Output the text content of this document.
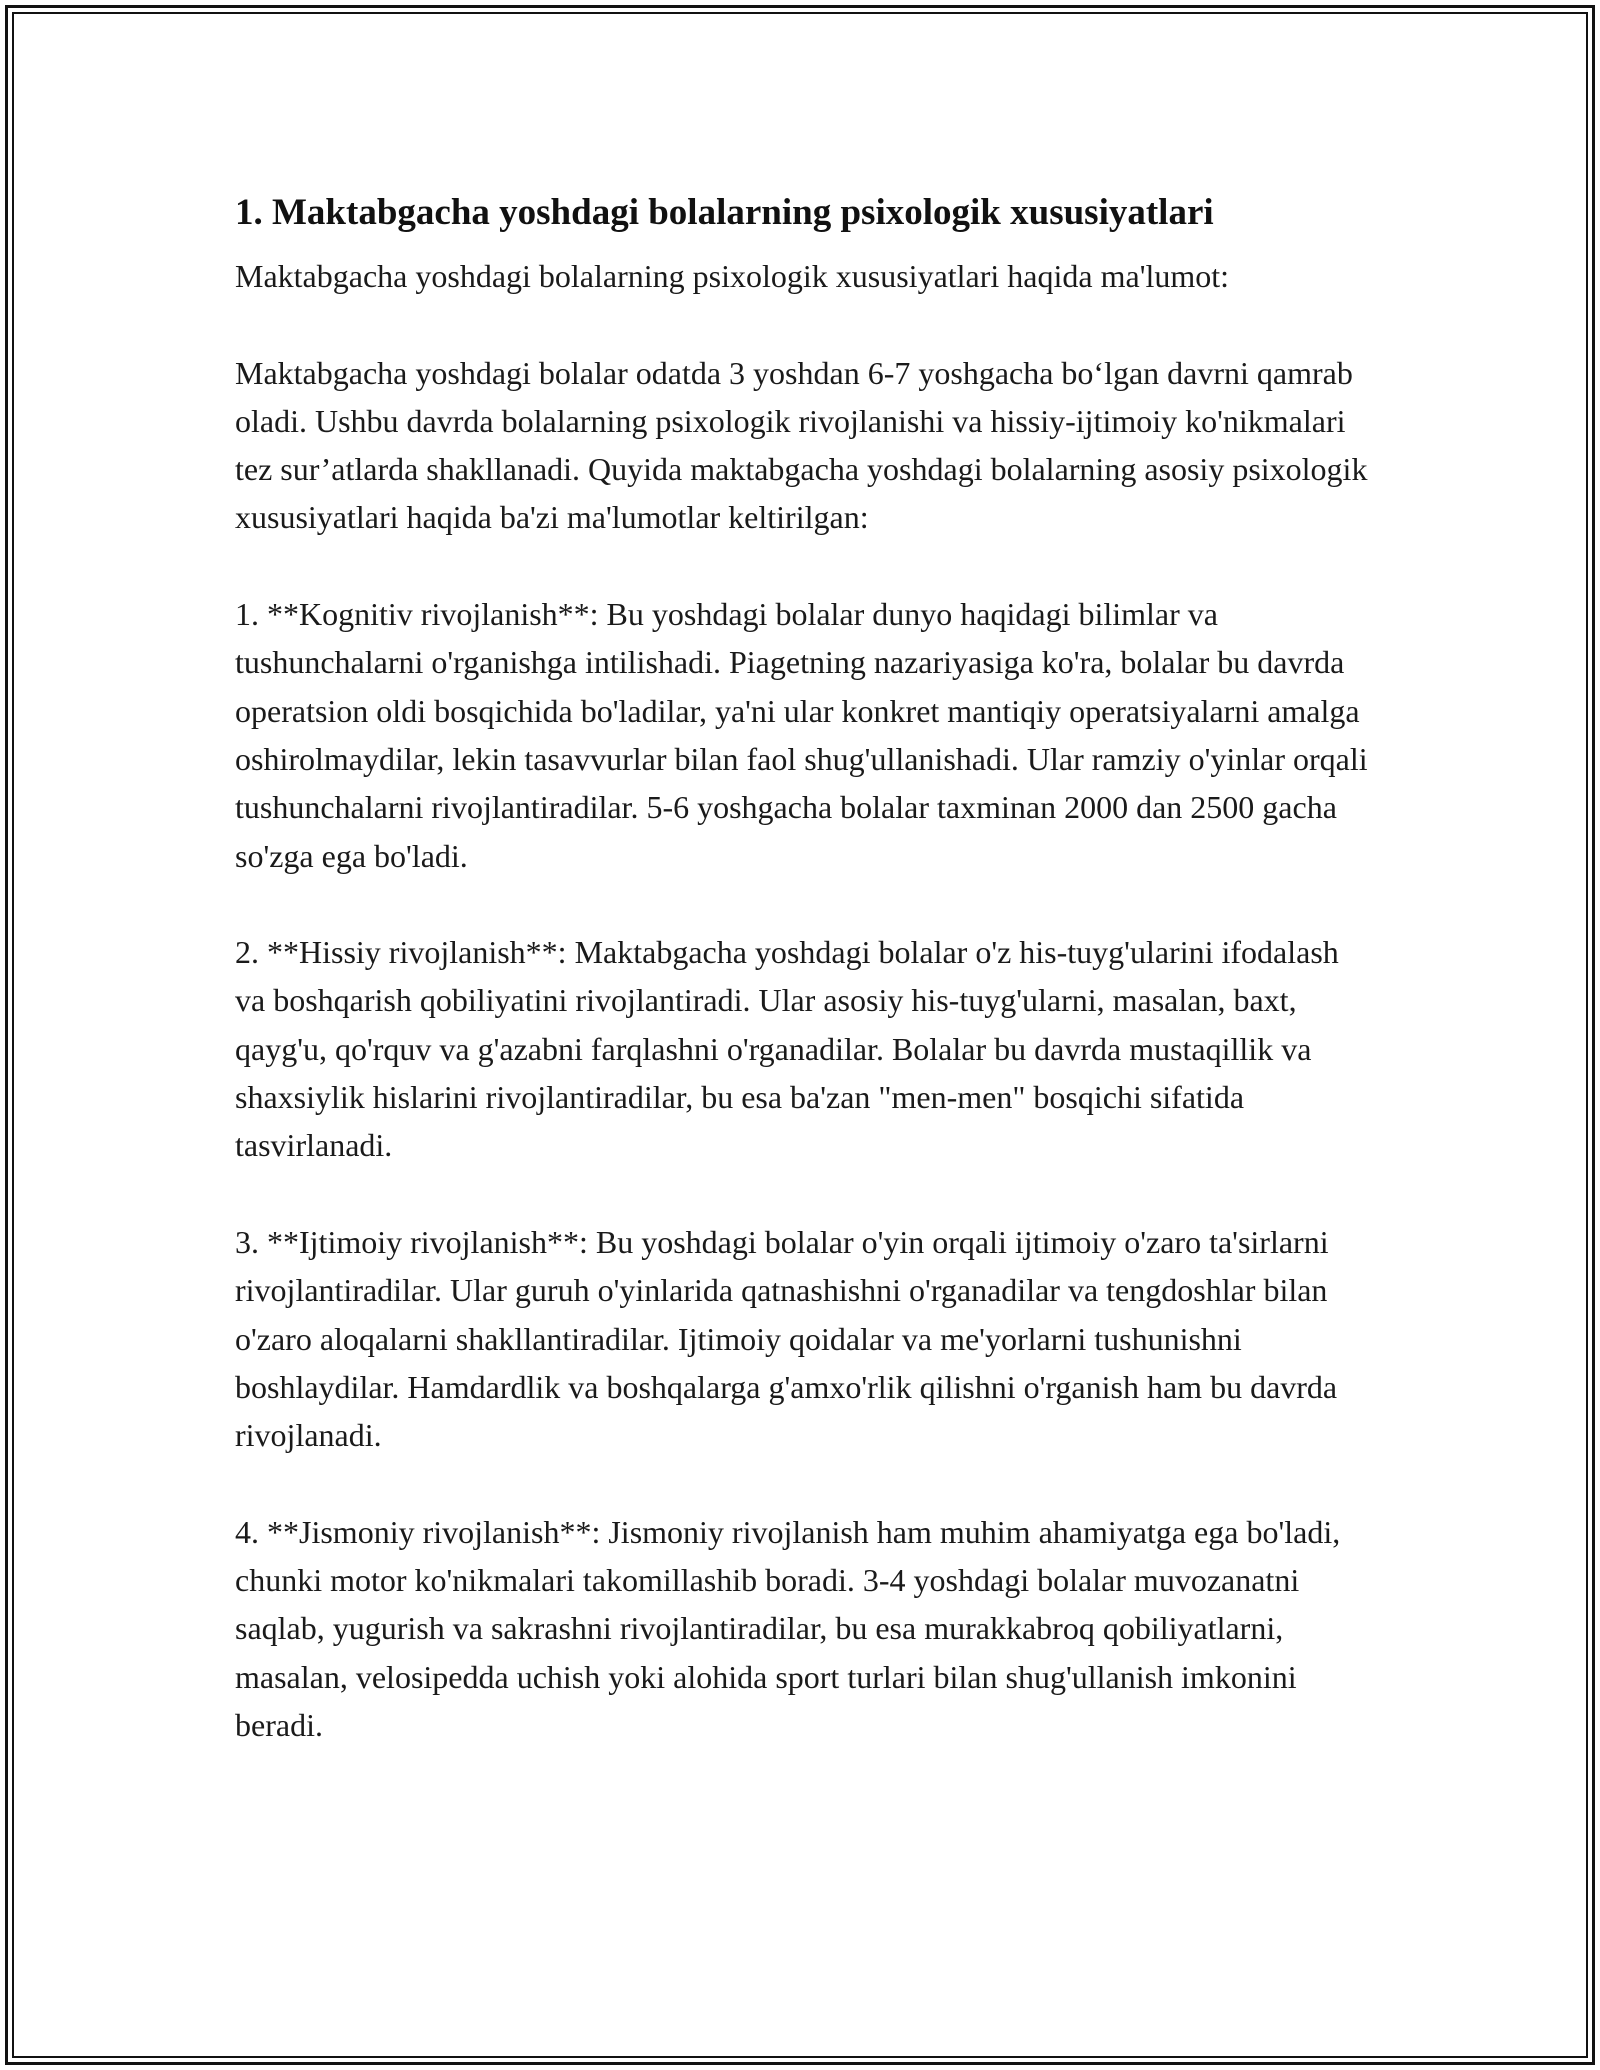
1. Maktabgacha yoshdagi bolalarning psixologik xususiyatlari

Maktabgacha yoshdagi bolalarning psixologik xususiyatlari haqida ma'lumot:

Maktabgacha yoshdagi bolalar odatda 3 yoshdan 6-7 yoshgacha bo‘lgan davrni qamrab oladi. Ushbu davrda bolalarning psixologik rivojlanishi va hissiy-ijtimoiy ko'nikmalari tez sur’atlarda shakllanadi. Quyida maktabgacha yoshdagi bolalarning asosiy psixologik xususiyatlari haqida ba'zi ma'lumotlar keltirilgan:

1. **Kognitiv rivojlanish**: Bu yoshdagi bolalar dunyo haqidagi bilimlar va tushunchalarni o'rganishga intilishadi. Piagetning nazariyasiga ko'ra, bolalar bu davrda operatsion oldi bosqichida bo'ladilar, ya'ni ular konkret mantiqiy operatsiyalarni amalga oshirolmaydilar, lekin tasavvurlar bilan faol shug'ullanishadi. Ular ramziy o'yinlar orqali tushunchalarni rivojlantiradilar. 5-6 yoshgacha bolalar taxminan 2000 dan 2500 gacha so'zga ega bo'ladi.

2. **Hissiy rivojlanish**: Maktabgacha yoshdagi bolalar o'z his-tuyg'ularini ifodalash va boshqarish qobiliyatini rivojlantiradi. Ular asosiy his-tuyg'ularni, masalan, baxt, qayg'u, qo'rquv va g'azabni farqlashni o'rganadilar. Bolalar bu davrda mustaqillik va shaxsiylik hislarini rivojlantiradilar, bu esa ba'zan "men-men" bosqichi sifatida tasvirlanadi.

3. **Ijtimoiy rivojlanish**: Bu yoshdagi bolalar o'yin orqali ijtimoiy o'zaro ta'sirlarni rivojlantiradilar. Ular guruh o'yinlarida qatnashishni o'rganadilar va tengdoshlar bilan o'zaro aloqalarni shakllantiradilar. Ijtimoiy qoidalar va me'yorlarni tushunishni boshlaydilar. Hamdardlik va boshqalarga g'amxo'rlik qilishni o'rganish ham bu davrda rivojlanadi.

4. **Jismoniy rivojlanish**: Jismoniy rivojlanish ham muhim ahamiyatga ega bo'ladi, chunki motor ko'nikmalari takomillashib boradi. 3-4 yoshdagi bolalar muvozanatni saqlab, yugurish va sakrashni rivojlantiradilar, bu esa murakkabroq qobiliyatlarni, masalan, velosipedda uchish yoki alohida sport turlari bilan shug'ullanish imkonini beradi.
